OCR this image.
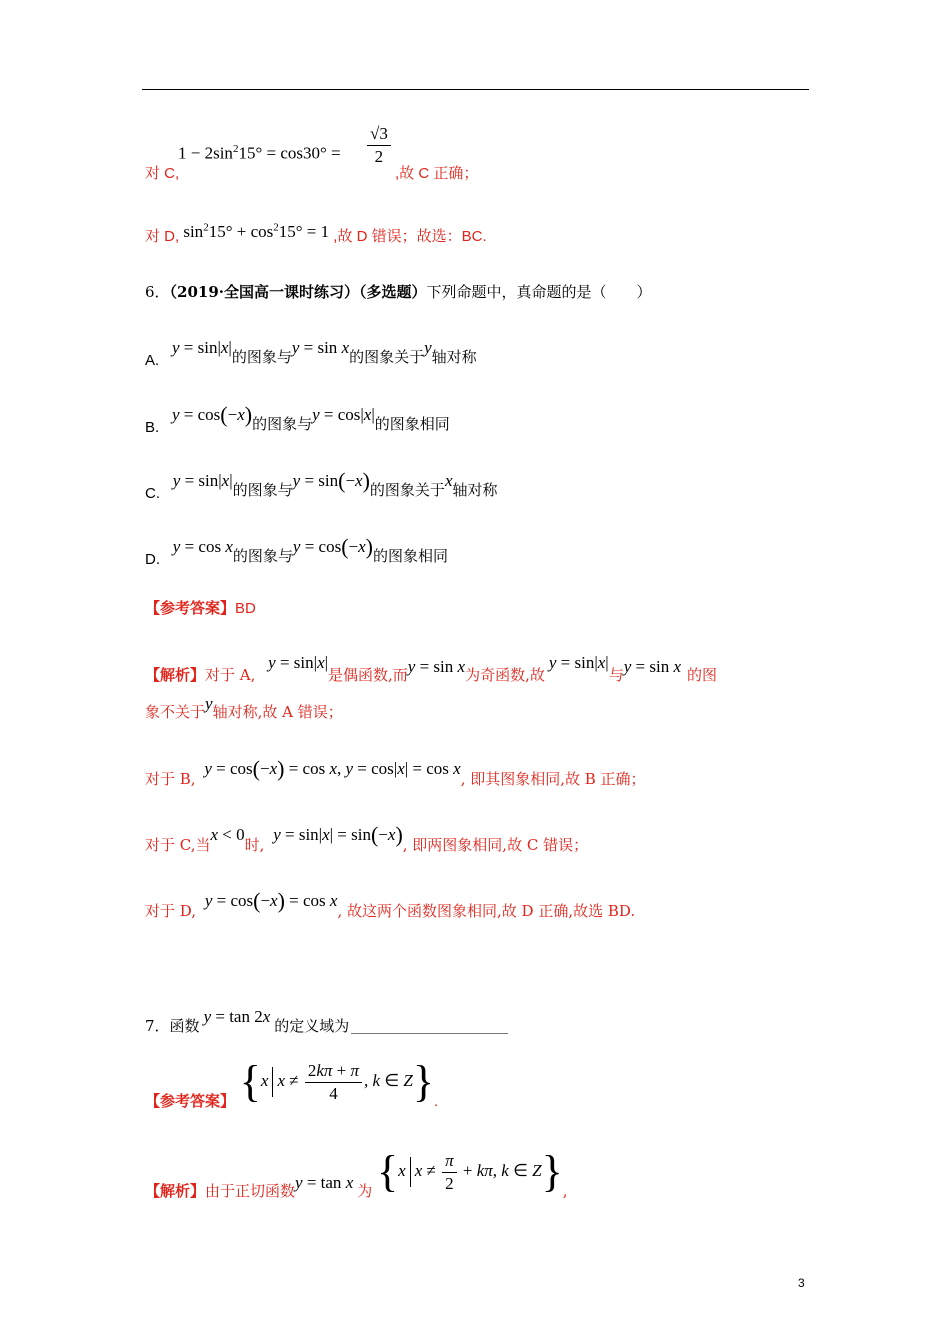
对 C,
$1 - 2\sin^215^\circ = \cos 30^\circ = \frac{√3}{2}$
,故 C 正确；
对 D, $\sin^215^\circ + \cos^215^\circ = 1$ ,故 D 错误；故选：BC.
6．（2019·全国高一课时练习）（多选题）下列命题中，真命题的是（　　）
A. y = sin|x|的图象与y = sin x的图象关于y轴对称
B. y = cos(−x)的图象与y = cos|x|的图象相同
C. y = sin|x|的图象与y = sin(−x)的图象关于x轴对称
D. y = cos x的图象与y = cos(−x)的图象相同
【参考答案】BD
【解析】对于 A, y = sin|x|是偶函数,而y = sin x为奇函数,故y = sin|x|与y = sin x 的图
象不关于y轴对称,故 A 错误；
对于 B, y = cos(−x) = cos x, y = cos|x| = cos x, 即其图象相同,故 B 正确；
对于 C,当x < 0时, y = sin|x| = sin(−x), 即两图象相同,故 C 错误；
对于 D, y = cos(−x) = cos x, 故这两个函数图象相同,故 D 正确,故选 BD.
7．函数 y = tan 2x 的定义域为
【参考答案】 {x $x \ne \frac{2k\pi + \pi}{4}$ , k ∈ Z}.
【解析】由于正切函数y = tan x 为 {x $x \ne \frac{\pi}{2} + k\pi$, k ∈ Z},
3
